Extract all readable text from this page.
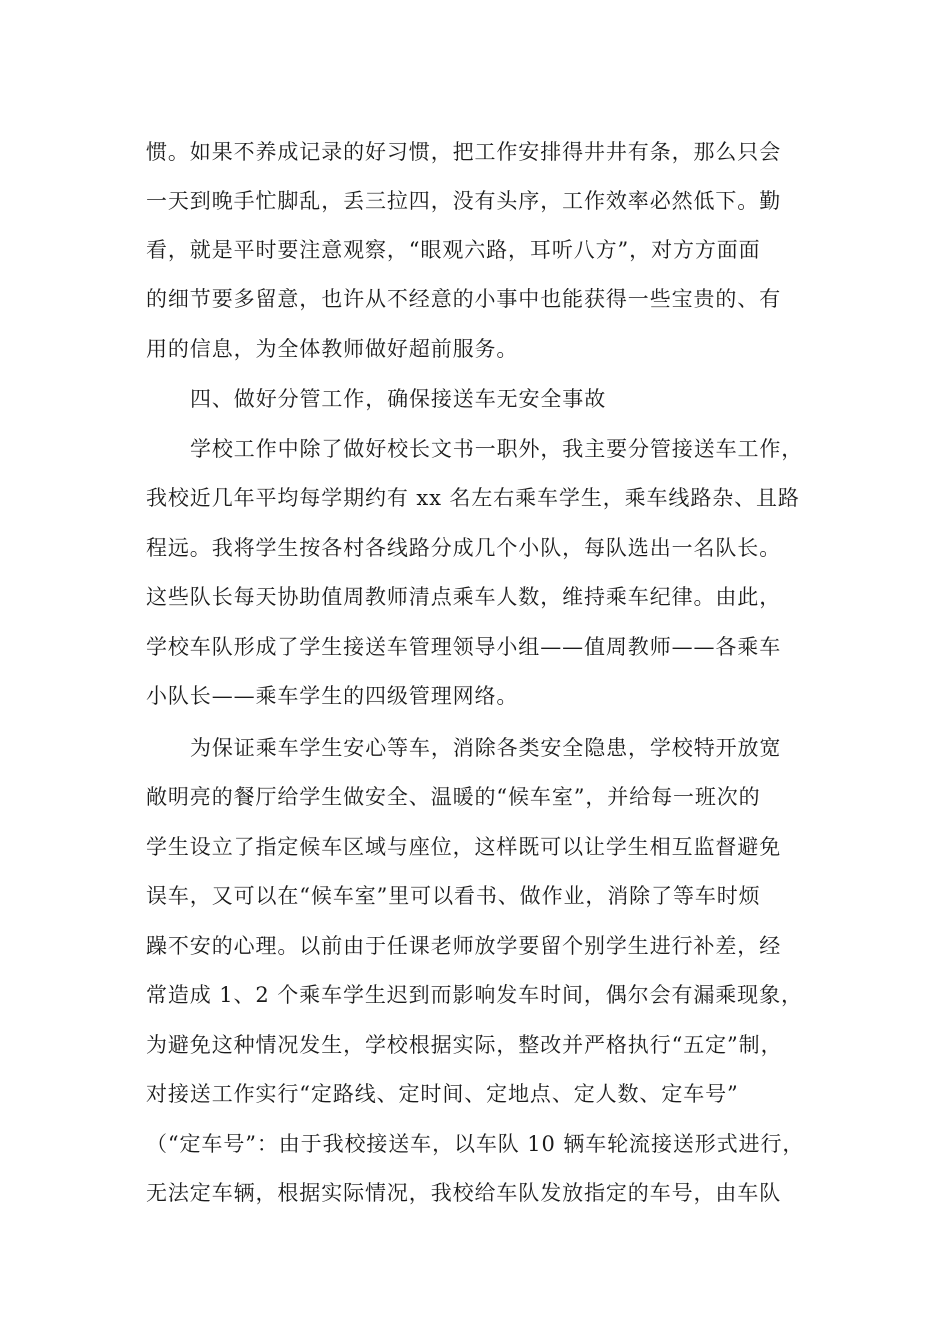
惯。如果不养成记录的好习惯，把工作安排得井井有条，那么只会
一天到晚手忙脚乱，丢三拉四，没有头序，工作效率必然低下。勤
看，就是平时要注意观察，“眼观六路，耳听八方”，对方方面面
的细节要多留意，也许从不经意的小事中也能获得一些宝贵的、有
用的信息，为全体教师做好超前服务。
四、做好分管工作，确保接送车无安全事故
学校工作中除了做好校长文书一职外，我主要分管接送车工作，
我校近几年平均每学期约有 xx 名左右乘车学生，乘车线路杂、且路
程远。我将学生按各村各线路分成几个小队，每队选出一名队长。
这些队长每天协助值周教师清点乘车人数，维持乘车纪律。由此，
学校车队形成了学生接送车管理领导小组——值周教师——各乘车
小队长——乘车学生的四级管理网络。
为保证乘车学生安心等车，消除各类安全隐患，学校特开放宽
敞明亮的餐厅给学生做安全、温暖的“候车室”，并给每一班次的
学生设立了指定候车区域与座位，这样既可以让学生相互监督避免
误车，又可以在“候车室”里可以看书、做作业，消除了等车时烦
躁不安的心理。以前由于任课老师放学要留个别学生进行补差，经
常造成 1、2 个乘车学生迟到而影响发车时间，偶尔会有漏乘现象，
为避免这种情况发生，学校根据实际，整改并严格执行“五定”制，
对接送工作实行“定路线、定时间、定地点、定人数、定车号”
（“定车号”：由于我校接送车，以车队 10 辆车轮流接送形式进行，
无法定车辆，根据实际情况，我校给车队发放指定的车号，由车队
